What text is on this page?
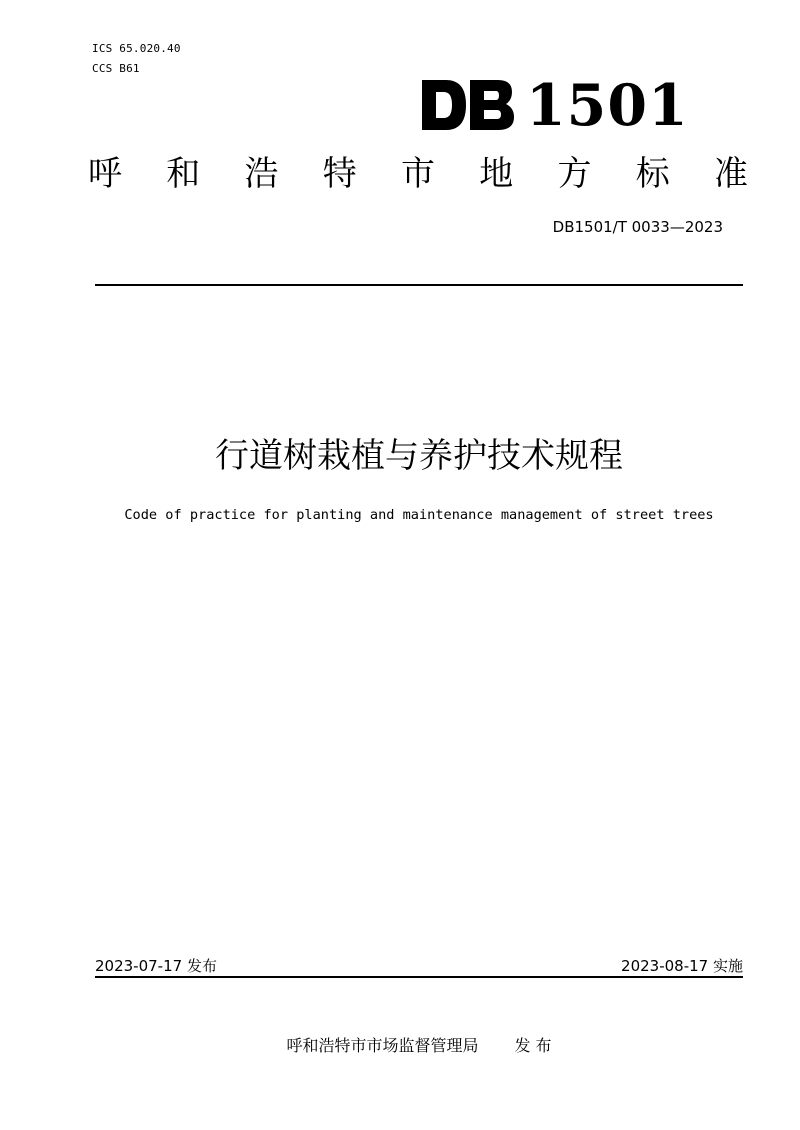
ICS 65.020.40
CCS B61
1501
呼 和 浩 特 市 地 方 标 准
DB1501/T 0033—2023
行道树栽植与养护技术规程
Code of practice for planting and maintenance management of street trees
2023-07-17 发布	2023-08-17 实施
呼和浩特市市场监督管理局 发 布
